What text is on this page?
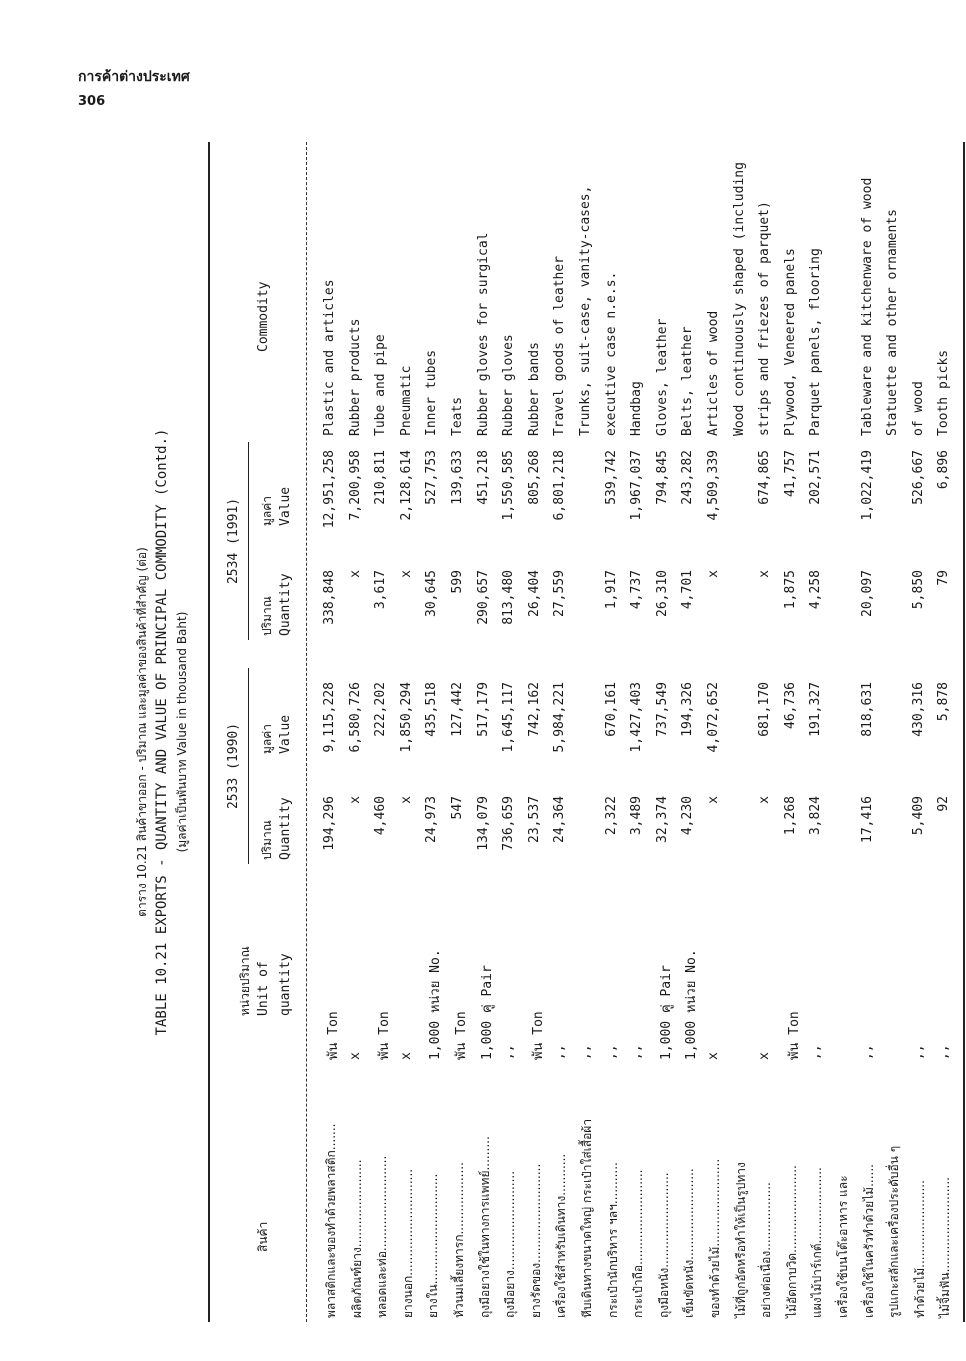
การค้าต่างประเทศ
306
ตาราง 10.21 สินค้าขาออก - ปริมาณ และมูลค่าของสินค้าที่สำคัญ (ต่อ) TABLE 10.21 EXPORTS - QUANTITY AND VALUE OF PRINCIPAL COMMODITY (Contd.) (มูลค่าเป็นพันบาท Value in thousand Baht)
สินค้า
หน่วยปริมาณ Unit of quantity
2533 (1990)
2534 (1991)
ปริมาณ Quantity
มูลค่า Value
ปริมาณ Quantity
มูลค่า Value
Commodity
พลาสติกและของทำด้วยพลาสติก.......
พัน Ton
194,296
9,115,228
338,848
12,951,258
Plastic and articles
ผลิตภัณฑ์ยาง.......................
x
x
6,580,726
x
7,200,958
Rubber products
หลอดและท่อ.........................
พัน Ton
4,460
222,202
3,617
210,811
Tube and pipe
ยางนอก............................
x
x
1,850,294
x
2,128,614
Pneumatic
ยางใน.............................
1,000 หน่วย No.
24,973
435,518
30,645
527,753
Inner tubes
หัวนมเลี้ยงทารก...................
พัน Ton
547
127,442
599
139,633
Teats
ถุงมือยางใช้ในทางการแพทย์.........
1,000 คู่ Pair
134,079
517,179
290,657
451,218
Rubber gloves for surgical
ถุงมือยาง..........................
,,
736,659
1,645,117
813,480
1,550,585
Rubber gloves
ยางรัดของ..........................
พัน Ton
23,537
742,162
26,404
805,268
Rubber bands
เครื่องใช้สำหรับเดินทาง...........
,,
24,364
5,984,221
27,559
6,801,218
Travel goods of leather
หีบเดินทางขนาดใหญ่ กระเป๋าใส่เสื้อผ้า
,,
Trunks, suit-case, vanity-cases,
กระเป๋านักบริหาร ฯลฯ...........
,,
2,322
670,161
1,917
539,742
executive case n.e.s.
กระเป๋าถือ.........................
,,
3,489
1,427,403
4,737
1,967,037
Handbag
ถุงมือหนัง.........................
1,000 คู่ Pair
32,374
737,549
26,310
794,845
Gloves, leather
เข็มขัดหนัง........................
1,000 หน่วย No.
4,230
194,326
4,701
243,282
Belts, leather
ของทำด้วยไม้.......................
x
x
4,072,652
x
4,509,339
Articles of wood
ไม้ที่ถูกอัดหรือทำให้เป็นรูปทาง
Wood continuously shaped (including
อย่างต่อเนื่อง..................
x
x
681,170
x
674,865
strips and friezes of parquet)
ไม้อัดกาบวิด.......................
พัน Ton
1,268
46,736
1,875
41,757
Plywood, Veneered panels
แผงไม้ปาร์เกต์....................
,,
3,824
191,327
4,258
202,571
Parquet panels, flooring
เครื่องใช้บนโต๊ะอาหาร และ เครื่องใช้ในครัวทำด้วยไม้......
,,
17,416
818,631
20,097
1,022,419
Tableware and kitchenware of wood
รูปแกะสลักและเครื่องประดับอื่น ๆ
Statuette and other ornaments
ทำด้วยไม้.......................
,,
5,409
430,316
5,850
526,667
of wood
ไม้จิ้มฟัน.........................
,,
92
5,878
79
6,896
Tooth picks
